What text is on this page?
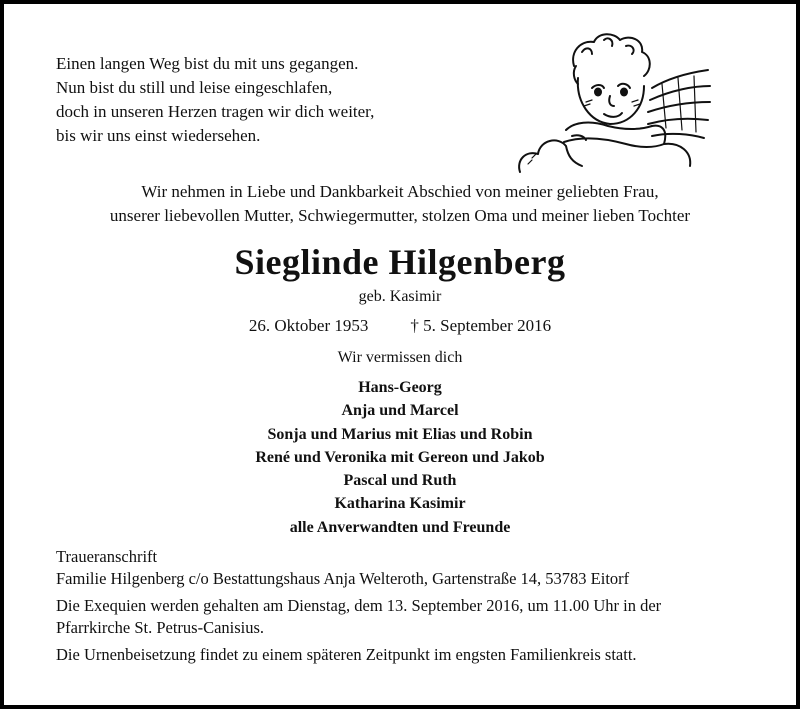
Einen langen Weg bist du mit uns gegangen.
Nun bist du still und leise eingeschlafen,
doch in unseren Herzen tragen wir dich weiter,
bis wir uns einst wiedersehen.
Wir nehmen in Liebe und Dankbarkeit Abschied von meiner geliebten Frau,
unserer liebevollen Mutter, Schwiegermutter, stolzen Oma und meiner lieben Tochter
Sieglinde Hilgenberg
geb. Kasimir
26. Oktober 1953 † 5. September 2016
Wir vermissen dich
Hans-Georg
Anja und Marcel
Sonja und Marius mit Elias und Robin
René und Veronika mit Gereon und Jakob
Pascal und Ruth
Katharina Kasimir
alle Anverwandten und Freunde

Traueranschrift

Familie Hilgenberg c/o Bestattungshaus Anja Welteroth, Gartenstraße 14, 53783 Eitorf

Die Exequien werden gehalten am Dienstag, dem 13. September 2016, um 11.00 Uhr in der

Pfarrkirche St. Petrus-Canisius.

Die Urnenbeisetzung findet zu einem späteren Zeitpunkt im engsten Familienkreis statt.
